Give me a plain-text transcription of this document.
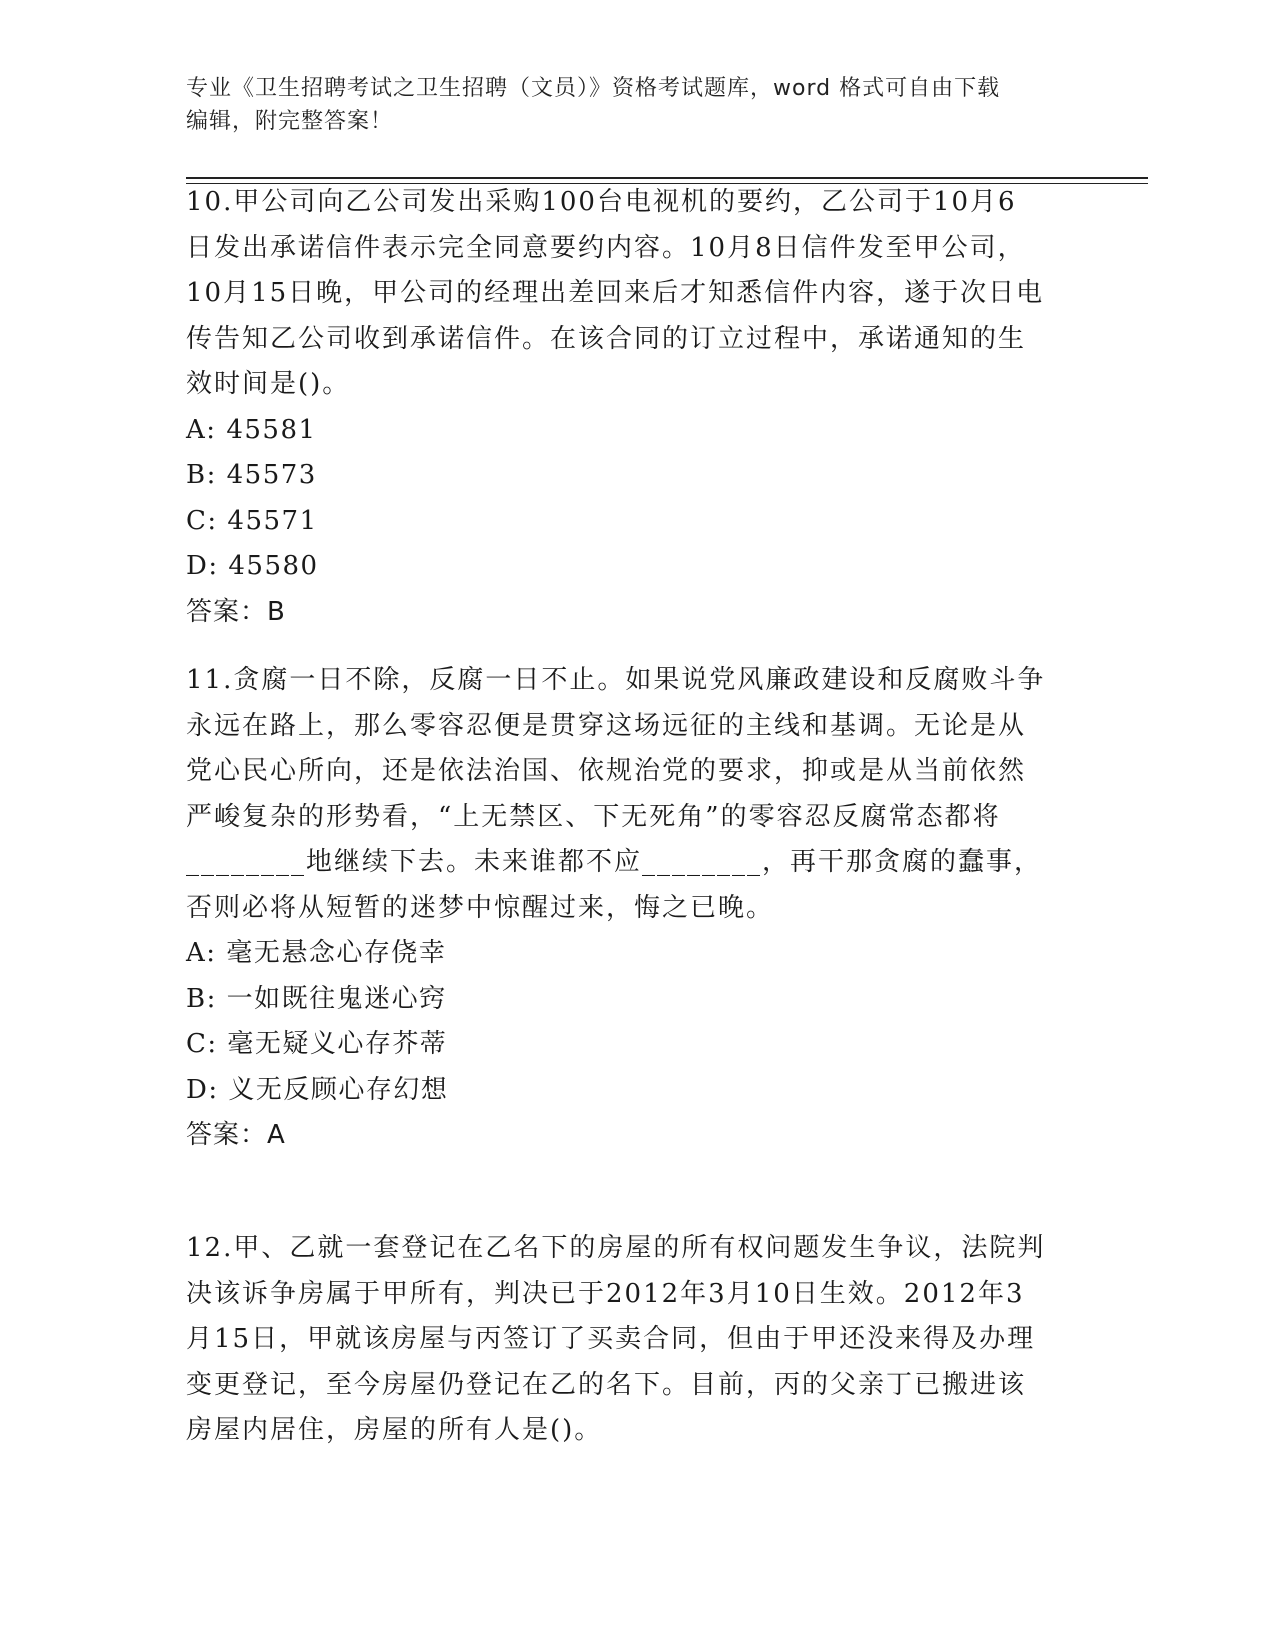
专业《卫生招聘考试之卫生招聘（文员）》资格考试题库，word 格式可自由下载
编辑，附完整答案！

10.甲公司向乙公司发出采购100台电视机的要约，乙公司于10月6

日发出承诺信件表示完全同意要约内容。10月8日信件发至甲公司，

10月15日晚，甲公司的经理出差回来后才知悉信件内容，遂于次日电

传告知乙公司收到承诺信件。在该合同的订立过程中，承诺通知的生

效时间是()。

A: 45581

B: 45573

C: 45571

D: 45580

答案：B

11.贪腐一日不除，反腐一日不止。如果说党风廉政建设和反腐败斗争

永远在路上，那么零容忍便是贯穿这场远征的主线和基调。无论是从

党心民心所向，还是依法治国、依规治党的要求，抑或是从当前依然

严峻复杂的形势看，“上无禁区、下无死角”的零容忍反腐常态都将

________地继续下去。未来谁都不应________，再干那贪腐的蠢事，

否则必将从短暂的迷梦中惊醒过来，悔之已晚。

A: 毫无悬念心存侥幸

B: 一如既往鬼迷心窍

C: 毫无疑义心存芥蒂

D: 义无反顾心存幻想

答案：A

12.甲、乙就一套登记在乙名下的房屋的所有权问题发生争议，法院判

决该诉争房属于甲所有，判决已于2012年3月10日生效。2012年3

月15日，甲就该房屋与丙签订了买卖合同，但由于甲还没来得及办理

变更登记，至今房屋仍登记在乙的名下。目前，丙的父亲丁已搬进该

房屋内居住，房屋的所有人是()。
